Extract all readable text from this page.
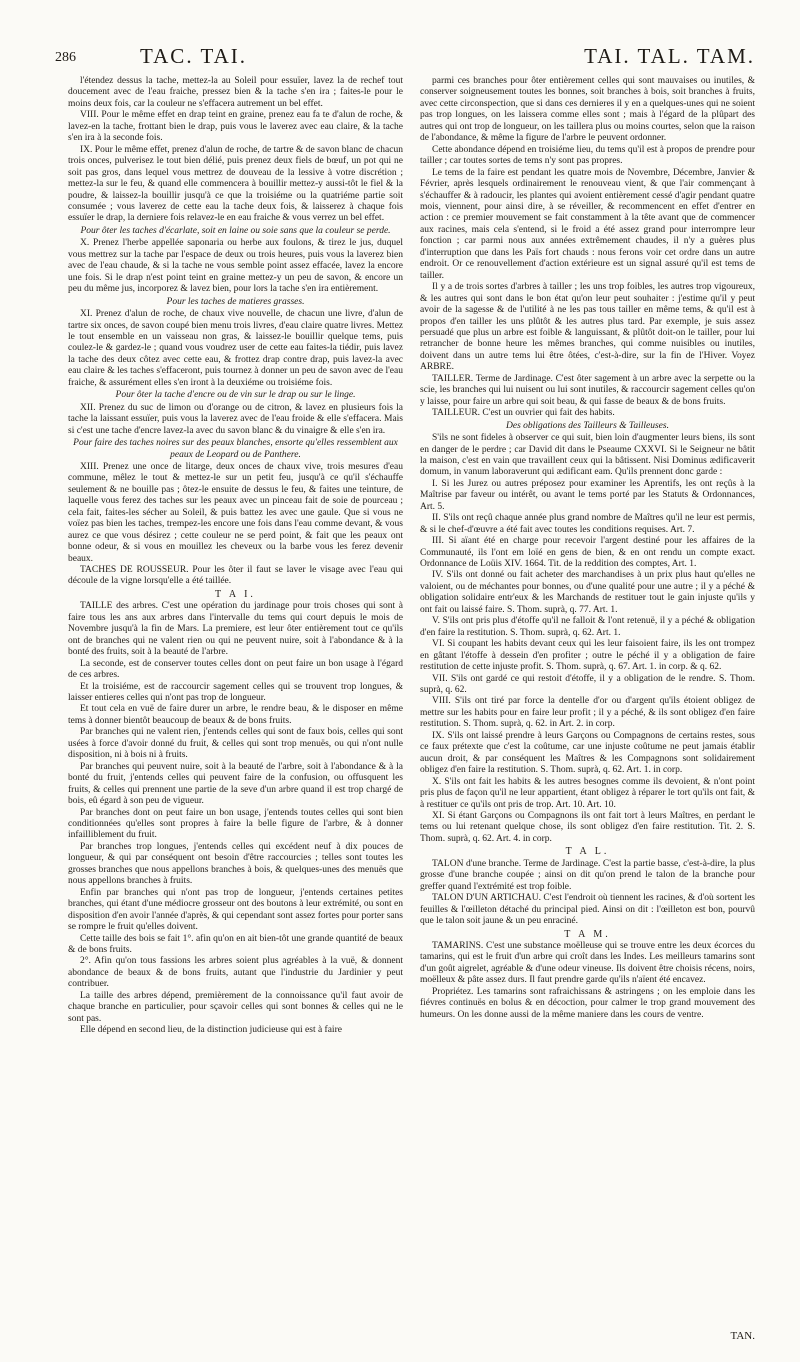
286	TAC. TAI.	TAI. TAL. TAM.

l'étendez dessus la tache, mettez-la au Soleil pour essuïer, lavez la de rechef tout doucement avec de l'eau fraiche, pressez bien & la tache s'en ira ; faites-le pour le moins deux fois, car la couleur ne s'effacera autrement un bel effet.

VIII. Pour le même effet en drap teint en graine, prenez eau fa te d'alun de roche, & lavez-en la tache, frottant bien le drap, puis vous le laverez avec eau claire, & la tache s'en ira à la seconde fois.

IX. Pour le même effet, prenez d'alun de roche, de tartre & de savon blanc de chacun trois onces, pulverisez le tout bien délié, puis prenez deux fiels de bœuf, un pot qui ne soit pas gros, dans lequel vous mettrez de douveau de la lessive à votre discrétion ; mettez-la sur le feu, & quand elle commencera à bouillir mettez-y aussi-tôt le fiel & la poudre, & laissez-la bouillir jusqu'à ce que la troisiéme ou la quatriéme partie soit consumée ; vous laverez de cette eau la tache deux fois, & laisserez à chaque fois essuïer le drap, la derniere fois relavez-le en eau fraiche & vous verrez un bel effet.

Pour ôter les taches d'écarlate, soit en laine ou soie sans que la couleur se perde.

X. Prenez l'herbe appellée saponaria ou herbe aux foulons, & tirez le jus, duquel vous mettrez sur la tache par l'espace de deux ou trois heures, puis vous la laverez bien avec de l'eau chaude, & si la tache ne vous semble point assez effacée, lavez la encore une fois. Si le drap n'est point teint en graine mettez-y un peu de savon, & encore un peu du même jus, incorporez & lavez bien, pour lors la tache s'en ira entièrement.

Pour les taches de matieres grasses.

XI. Prenez d'alun de roche, de chaux vive nouvelle, de chacun une livre, d'alun de tartre six onces, de savon coupé bien menu trois livres, d'eau claire quatre livres. Mettez le tout ensemble en un vaisseau non gras, & laissez-le bouillir quelque tems, puis coulez-le & gardez-le ; quand vous voudrez user de cette eau faites-la tiédir, puis lavez la tache des deux côtez avec cette eau, & frottez drap contre drap, puis lavez-la avec eau claire & les taches s'effaceront, puis tournez à donner un peu de savon avec de l'eau fraiche, & assurément elles s'en iront à la deuxiéme ou troisiéme fois.

Pour ôter la tache d'encre ou de vin sur le drap ou sur le linge.

XII. Prenez du suc de limon ou d'orange ou de citron, & lavez en plusieurs fois la tache la laissant essuïer, puis vous la laverez avec de l'eau froide & elle s'effacera. Mais si c'est une tache d'encre lavez-la avec du savon blanc & du vinaigre & elle s'en ira.

Pour faire des taches noires sur des peaux blanches, ensorte qu'elles ressemblent aux peaux de Leopard ou de Panthere.

XIII. Prenez une once de litarge, deux onces de chaux vive, trois mesures d'eau commune, mêlez le tout & mettez-le sur un petit feu, jusqu'à ce qu'il s'échauffe seulement & ne bouille pas ; ôtez-le ensuite de dessus le feu, & faites une teinture, de laquelle vous ferez des taches sur les peaux avec un pinceau fait de soie de pourceau ; cela fait, faites-les sécher au Soleil, & puis battez les avec une gaule. Que si vous ne voïez pas bien les taches, trempez-les encore une fois dans l'eau comme devant, & vous aurez ce que vous désirez ; cette couleur ne se perd point, & fait que les peaux ont bonne odeur, & si vous en mouillez les cheveux ou la barbe vous les ferez devenir beaux.

TACHES DE ROUSSEUR. Pour les ôter il faut se laver le visage avec l'eau qui découle de la vigne lorsqu'elle a été taillée.

T A I.

TAILLE des arbres. C'est une opération du jardinage pour trois choses qui sont à faire tous les ans aux arbres dans l'intervalle du tems qui court depuis le mois de Novembre jusqu'à la fin de Mars. La premiere, est leur ôter entièrement tout ce qu'ils ont de branches qui ne valent rien ou qui ne peuvent nuire, soit à l'abondance & à la bonté des fruits, soit à la beauté de l'arbre.

La seconde, est de conserver toutes celles dont on peut faire un bon usage à l'égard de ces arbres.

Et la troisiéme, est de raccourcir sagement celles qui se trouvent trop longues, & laisser entieres celles qui n'ont pas trop de longueur.

Et tout cela en vuë de faire durer un arbre, le rendre beau, & le disposer en même tems à donner bientôt beaucoup de beaux & de bons fruits.

Par branches qui ne valent rien, j'entends celles qui sont de faux bois, celles qui sont usées à force d'avoir donné du fruit, & celles qui sont trop menuës, ou qui n'ont nulle disposition, ni à bois ni à fruits.

Par branches qui peuvent nuire, soit à la beauté de l'arbre, soit à l'abondance & à la bonté du fruit, j'entends celles qui peuvent faire de la confusion, ou offusquent les fruits, & celles qui prennent une partie de la seve d'un arbre quand il est trop chargé de bois, eû égard à son peu de vigueur.

Par branches dont on peut faire un bon usage, j'entends toutes celles qui sont bien conditionnées qu'elles sont propres à faire la belle figure de l'arbre, & à donner infailliblement du fruit.

Par branches trop longues, j'entends celles qui excédent neuf à dix pouces de longueur, & qui par conséquent ont besoin d'être raccourcies ; telles sont toutes les grosses branches que nous appellons branches à bois, & quelques-unes des menuës que nous appellons branches à fruits.

Enfin par branches qui n'ont pas trop de longueur, j'entends certaines petites branches, qui étant d'une médiocre grosseur ont des boutons à leur extrémité, ou sont en disposition d'en avoir l'année d'après, & qui cependant sont assez fortes pour porter sans se rompre le fruit qu'elles doivent.

Cette taille des bois se fait 1°. afin qu'on en ait bien-tôt une grande quantité de beaux & de bons fruits.

2°. Afin qu'on tous fassions les arbres soient plus agréables à la vuë, & donnent abondance de beaux & de bons fruits, autant que l'industrie du Jardinier y peut contribuer.

La taille des arbres dépend, premièrement de la connoissance qu'il faut avoir de chaque branche en particulier, pour sçavoir celles qui sont bonnes & celles qui ne le sont pas.

Elle dépend en second lieu, de la distinction judicieuse qui est à faire

parmi ces branches pour ôter entièrement celles qui sont mauvaises ou inutiles, & conserver soigneusement toutes les bonnes, soit branches à bois, soit branches à fruits, avec cette circonspection, que si dans ces dernieres il y en a quelques-unes qui ne soient pas trop longues, on les laissera comme elles sont ; mais à l'égard de la plûpart des autres qui ont trop de longueur, on les taillera plus ou moins courtes, selon que la raison de l'abondance, & même la figure de l'arbre le peuvent ordonner.

Cette abondance dépend en troisiéme lieu, du tems qu'il est à propos de prendre pour tailler ; car toutes sortes de tems n'y sont pas propres.

Le tems de la faire est pendant les quatre mois de Novembre, Décembre, Janvier & Février, après lesquels ordinairement le renouveau vient, & que l'air commençant à s'échauffer & à radoucir, les plantes qui avoient entièrement cessé d'agir pendant quatre mois, viennent, pour ainsi dire, à se réveiller, & recommencent en effet d'entrer en action : ce premier mouvement se fait constamment à la tête avant que de commencer aux racines, mais cela s'entend, si le froid a été assez grand pour interrompre leur fonction ; car parmi nous aux années extrêmement chaudes, il n'y a guères plus d'interruption que dans les Païs fort chauds : nous ferons voir cet ordre dans un autre endroit. Or ce renouvellement d'action extérieure est un signal assuré qu'il est tems de tailler.

Il y a de trois sortes d'arbres à tailler ; les uns trop foibles, les autres trop vigoureux, & les autres qui sont dans le bon état qu'on leur peut souhaiter : j'estime qu'il y peut avoir de la sagesse & de l'utilité à ne les pas tous tailler en même tems, & qu'il est à propos d'en tailler les uns plûtôt & les autres plus tard. Par exemple, je suis assez persuadé que plus un arbre est foible & languissant, & plûtôt doit-on le tailler, pour lui retrancher de bonne heure les mêmes branches, qui comme nuisibles ou inutiles, doivent dans un autre tems lui être ôtées, c'est-à-dire, sur la fin de l'Hiver. Voyez ARBRE.

TAILLER. Terme de Jardinage. C'est ôter sagement à un arbre avec la serpette ou la scie, les branches qui lui nuisent ou lui sont inutiles, & raccourcir sagement celles qu'on y laisse, pour faire un arbre qui soit beau, & qui fasse de beaux & de bons fruits.

TAILLEUR. C'est un ouvrier qui fait des habits.

Des obligations des Tailleurs & Tailleuses.

S'ils ne sont fideles à observer ce qui suit, bien loin d'augmenter leurs biens, ils sont en danger de le perdre ; car David dit dans le Pseaume CXXVI. Si le Seigneur ne bâtit la maison, c'est en vain que travaillent ceux qui la bâtissent. Nisi Dominus ædificaverit domum, in vanum laboraverunt qui ædificant eam. Qu'ils prennent donc garde :

I. Si les Jurez ou autres préposez pour examiner les Aprentifs, les ont reçûs à la Maîtrise par faveur ou intérêt, ou avant le tems porté par les Statuts & Ordonnances, Art. 5.

II. S'ils ont reçû chaque année plus grand nombre de Maîtres qu'il ne leur est permis, & si le chef-d'œuvre a été fait avec toutes les conditions requises. Art. 7.

III. Si aïant été en charge pour recevoir l'argent destiné pour les affaires de la Communauté, ils l'ont em loïé en gens de bien, & en ont rendu un compte exact. Ordonnance de Loüis XIV. 1664. Tit. de la reddition des comptes, Art. 1.

IV. S'ils ont donné ou fait acheter des marchandises à un prix plus haut qu'elles ne valoient, ou de méchantes pour bonnes, ou d'une qualité pour une autre ; il y a péché & obligation solidaire entr'eux & les Marchands de restituer tout le gain injuste qu'ils y ont fait ou laissé faire. S. Thom. suprà, q. 77. Art. 1.

V. S'ils ont pris plus d'étoffe qu'il ne falloit & l'ont retenuë, il y a péché & obligation d'en faire la restitution. S. Thom. suprà, q. 62. Art. 1.

VI. Si coupant les habits devant ceux qui les leur faisoient faire, ils les ont trompez en gâtant l'étoffe à dessein d'en profiter ; outre le péché il y a obligation de faire restitution de cette injuste profit. S. Thom. suprà, q. 67. Art. 1. in corp. & q. 62.

VII. S'ils ont gardé ce qui restoit d'étoffe, il y a obligation de le rendre. S. Thom. suprà, q. 62.

VIII. S'ils ont tiré par force la dentelle d'or ou d'argent qu'ils étoient obligez de mettre sur les habits pour en faire leur profit ; il y a péché, & ils sont obligez d'en faire restitution. S. Thom. suprà, q. 62. in Art. 2. in corp.

IX. S'ils ont laissé prendre à leurs Garçons ou Compagnons de certains restes, sous ce faux prétexte que c'est la coûtume, car une injuste coûtume ne peut jamais établir aucun droit, & par conséquent les Maîtres & les Compagnons sont solidairement obligez d'en faire la restitution. S. Thom. suprà, q. 62. Art. 1. in corp.

X. S'ils ont fait les habits & les autres besognes comme ils devoient, & n'ont point pris plus de façon qu'il ne leur appartient, étant obligez à réparer le tort qu'ils ont fait, & à restituer ce qu'ils ont pris de trop. Art. 10. Art. 10.

XI. Si étant Garçons ou Compagnons ils ont fait tort à leurs Maîtres, en perdant le tems ou lui retenant quelque chose, ils sont obligez d'en faire restitution. Tit. 2. S. Thom. suprà, q. 62. Art. 4. in corp.

T A L.

TALON d'une branche. Terme de Jardinage. C'est la partie basse, c'est-à-dire, la plus grosse d'une branche coupée ; ainsi on dit qu'on prend le talon de la branche pour greffer quand l'extrémité est trop foible.

TALON D'UN ARTICHAU. C'est l'endroit où tiennent les racines, & d'où sortent les feuilles & l'œilleton détaché du principal pied. Ainsi on dit : l'œilleton est bon, pourvû que le talon soit jaune & un peu enraciné.

T A M.

TAMARINS. C'est une substance moëlleuse qui se trouve entre les deux écorces du tamarins, qui est le fruit d'un arbre qui croît dans les Indes. Les meilleurs tamarins sont d'un goût aigrelet, agréable & d'une odeur vineuse. Ils doivent être choisis récens, noirs, moëlleux & pâte assez durs. Il faut prendre garde qu'ils n'aïent été encavez.

Propriétez. Les tamarins sont rafraichissans & astringens ; on les emploie dans les fiévres continuës en bolus & en décoction, pour calmer le trop grand mouvement des humeurs. On les donne aussi de la même maniere dans les cours de ventre.

TAN.
